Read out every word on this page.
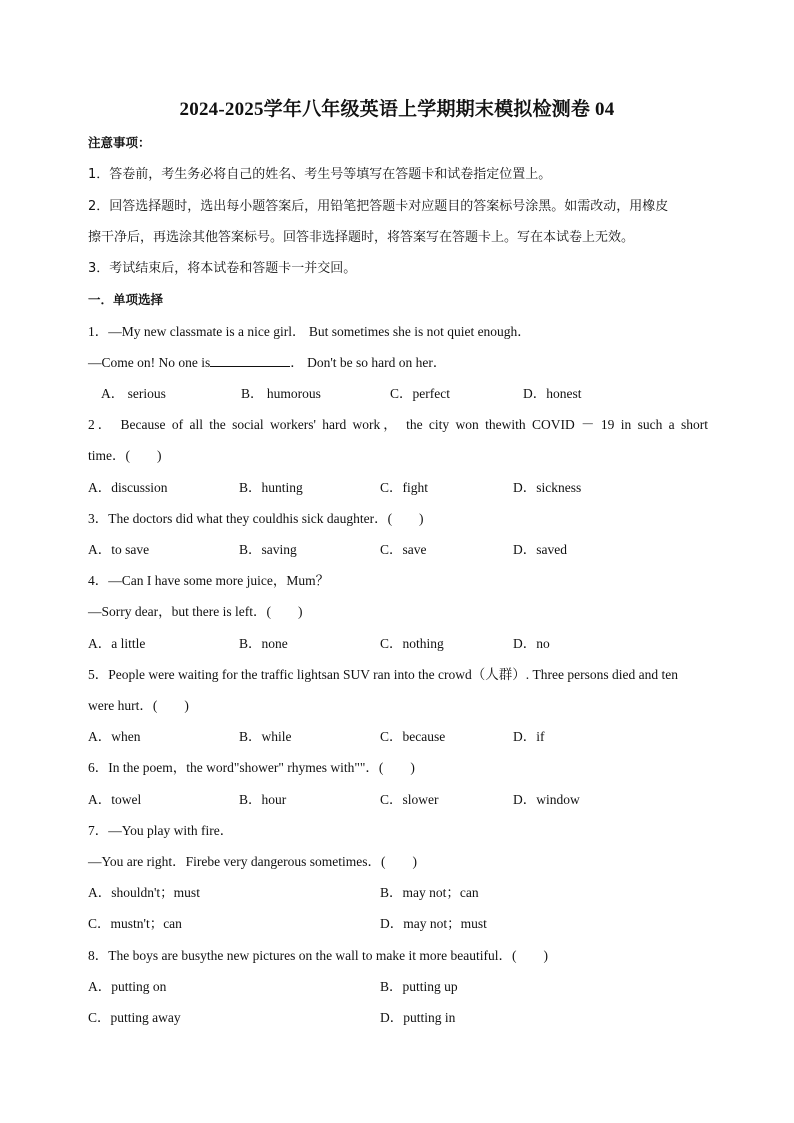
2024-2025学年八年级英语上学期期末模拟检测卷 04
注意事项：
1．答卷前，考生务必将自己的姓名、考生号等填写在答题卡和试卷指定位置上。
2．回答选择题时，选出每小题答案后，用铅笔把答题卡对应题目的答案标号涂黑。如需改动，用橡皮
擦干净后，再选涂其他答案标号。回答非选择题时，将答案写在答题卡上。写在本试卷上无效。
3．考试结束后，将本试卷和答题卡一并交回。
一．单项选择
1．—My new classmate is a nice girl． But sometimes she is not quiet enough．
—Come on! No one is	． Don't be so hard on her．
A． serious	B． humorous	C．perfect	D．honest
2． Because of all the social workers' hard work， the city won thewith COVID － 19 in such a short
time．(　　)
A．discussion	B．hunting	C．fight	D．sickness
3．The doctors did what they couldhis sick daughter．(　　)
A．to save	B．saving	C．save	D．saved
4．—Can I have some more juice，Mum？
—Sorry dear，but there is left．(　　)
A．a little	B．none	C．nothing	D．no
5．People were waiting for the traffic lightsan SUV ran into the crowd（人群）. Three persons died and ten
were hurt．(　　)
A．when	B．while	C．because	D．if
6．In the poem，the word"shower" rhymes with""．(　　)
A．towel	B．hour	C．slower	D．window
7．—You play with fire．
—You are right．Firebe very dangerous sometimes．(　　)
A．shouldn't；must	B．may not；can
C．mustn't；can	D．may not；must
8．The boys are busythe new pictures on the wall to make it more beautiful．(　　)
A．putting on	B．putting up
C．putting away	D．putting in
